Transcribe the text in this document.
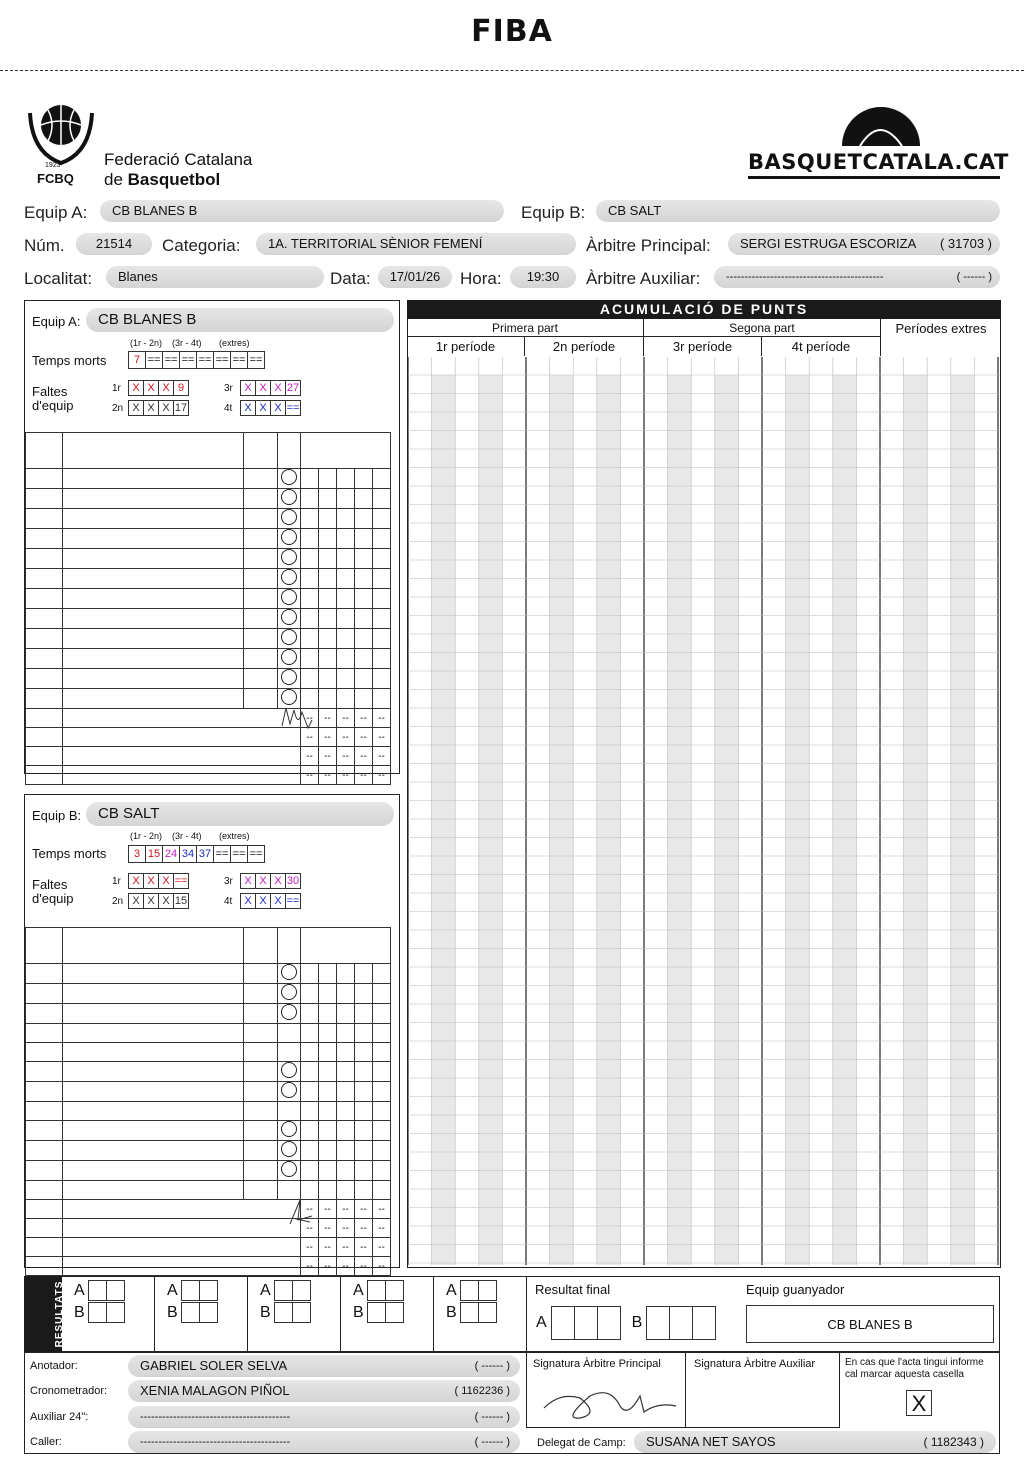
FIBA
1923
FCBQ
Federació Catalana
de Basquetbol
BASQUETCATALA.CAT
Equip A:	CB BLANES B	Equip B:	CB SALT
Núm.	21514	Categoria:	1A. TERRITORIAL SÈNIOR FEMENÍ	Àrbitre Principal:	SERGI ESTRUGA ESCORIZA ( 31703 )
Localitat:	Blanes	Data:	17/01/26	Hora:	19:30	Àrbitre Auxiliar:	-------------------------------------------	( ------ )
Equip A:	CB BLANES B
(1r - 2n)    (3r - 4t)       (extres)
Temps morts	7 == == == == == == ==
Faltes
d'equip
1r	X X X 9
2n X X X 17
3r	X X X 27
4t	X X X ==

				--	--	--	--	--
				--	--	--	--	--
				--	--	--	--	--
				--	--	--	--	--
Equip B:	CB SALT
(1r - 2n)    (3r - 4t)       (extres)
Temps morts	3 15 24 34 37 == == ==
Faltes
d'equip
1r	X X X ==
2n X X X 15
3r	X X X 30
4t	X X X ==

				--	--	--	--	--
				--	--	--	--	--
				--	--	--	--	--
				--	--	--	--	--
ACUMULACIÓ DE PUNTS
Primera part	Segona part	Períodes extres
1r període	2n període	3r període	4t període
RESULTATS A
B
A
B
A
B
A
B
A
B
Resultat final
A	B
Equip guanyador
CB BLANES B
Anotador:	GABRIEL SOLER SELVA	( ------ )
Cronometrador:	XENIA MALAGON PIÑOL	( 1162236 )
Auxiliar 24":	-----------------------------------------	( ------ )
Caller:	-----------------------------------------	( ------ )
Signatura Àrbitre Principal	Signatura Àrbitre Auxiliar	En cas que l'acta tingui informe cal marcar aquesta casella
X
Delegat de Camp:	SUSANA NET SAYOS	( 1182343 )
